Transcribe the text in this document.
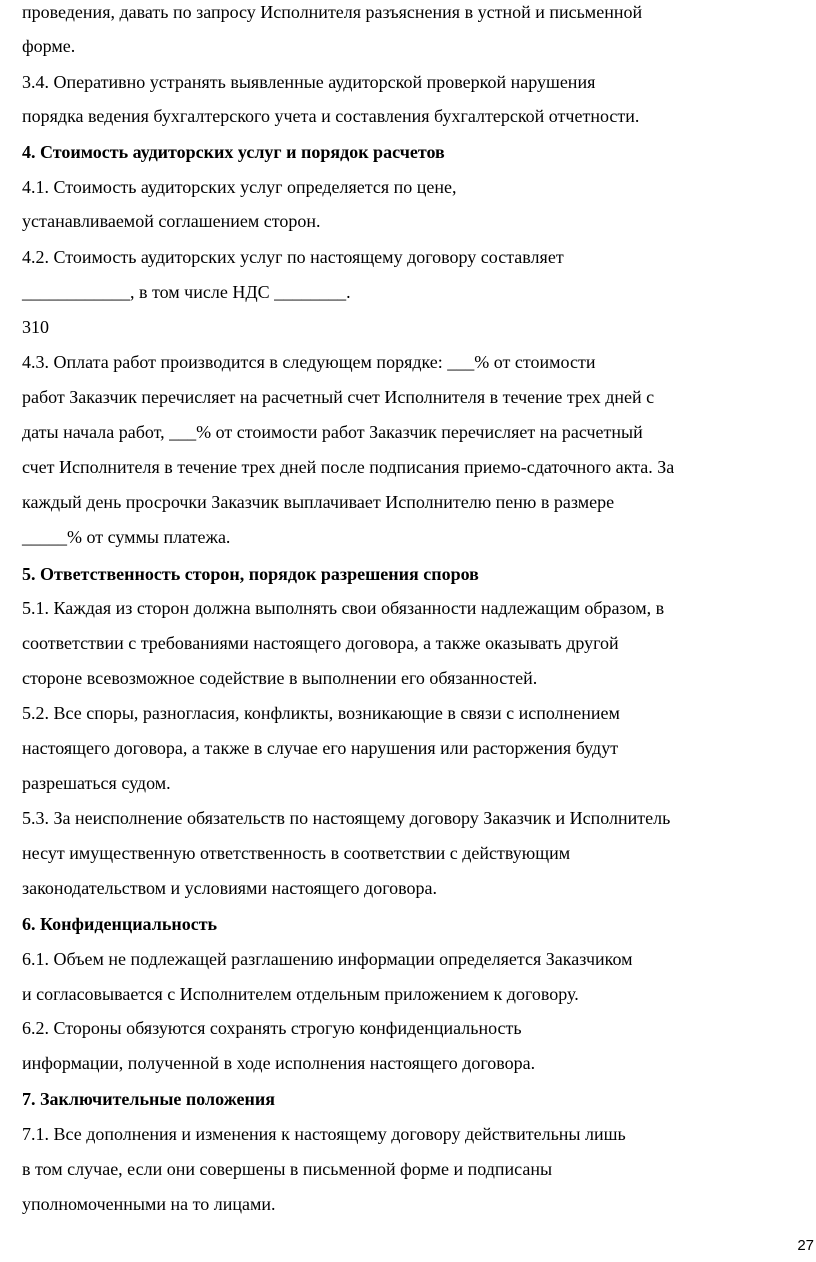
проведения, давать по запросу Исполнителя разъяснения в устной и письменной
форме.
3.4. Оперативно устранять выявленные аудиторской проверкой нарушения
порядка ведения бухгалтерского учета и составления бухгалтерской отчетности.
4. Стоимость аудиторских услуг и порядок расчетов
4.1. Стоимость аудиторских услуг определяется по цене,
устанавливаемой соглашением сторон.
4.2. Стоимость аудиторских услуг по настоящему договору составляет
____________, в том числе НДС ________.
310
4.3. Оплата работ производится в следующем порядке: ___% от стоимости
работ Заказчик перечисляет на расчетный счет Исполнителя в течение трех дней с
даты начала работ, ___% от стоимости работ Заказчик перечисляет на расчетный
счет Исполнителя в течение трех дней после подписания приемо-сдаточного акта. За
каждый день просрочки Заказчик выплачивает Исполнителю пеню в размере
_____% от суммы платежа.
5. Ответственность сторон, порядок разрешения споров
5.1. Каждая из сторон должна выполнять свои обязанности надлежащим образом, в
соответствии с требованиями настоящего договора, а также оказывать другой
стороне всевозможное содействие в выполнении его обязанностей.
5.2. Все споры, разногласия, конфликты, возникающие в связи с исполнением
настоящего договора, а также в случае его нарушения или расторжения будут
разрешаться судом.
5.3. За неисполнение обязательств по настоящему договору Заказчик и Исполнитель
несут имущественную ответственность в соответствии с действующим
законодательством и условиями настоящего договора.
6. Конфиденциальность
6.1. Объем не подлежащей разглашению информации определяется Заказчиком
и согласовывается с Исполнителем отдельным приложением к договору.
6.2. Стороны обязуются сохранять строгую конфиденциальность
информации, полученной в ходе исполнения настоящего договора.
7. Заключительные положения
7.1. Все дополнения и изменения к настоящему договору действительны лишь
в том случае, если они совершены в письменной форме и подписаны
уполномоченными на то лицами.
27
